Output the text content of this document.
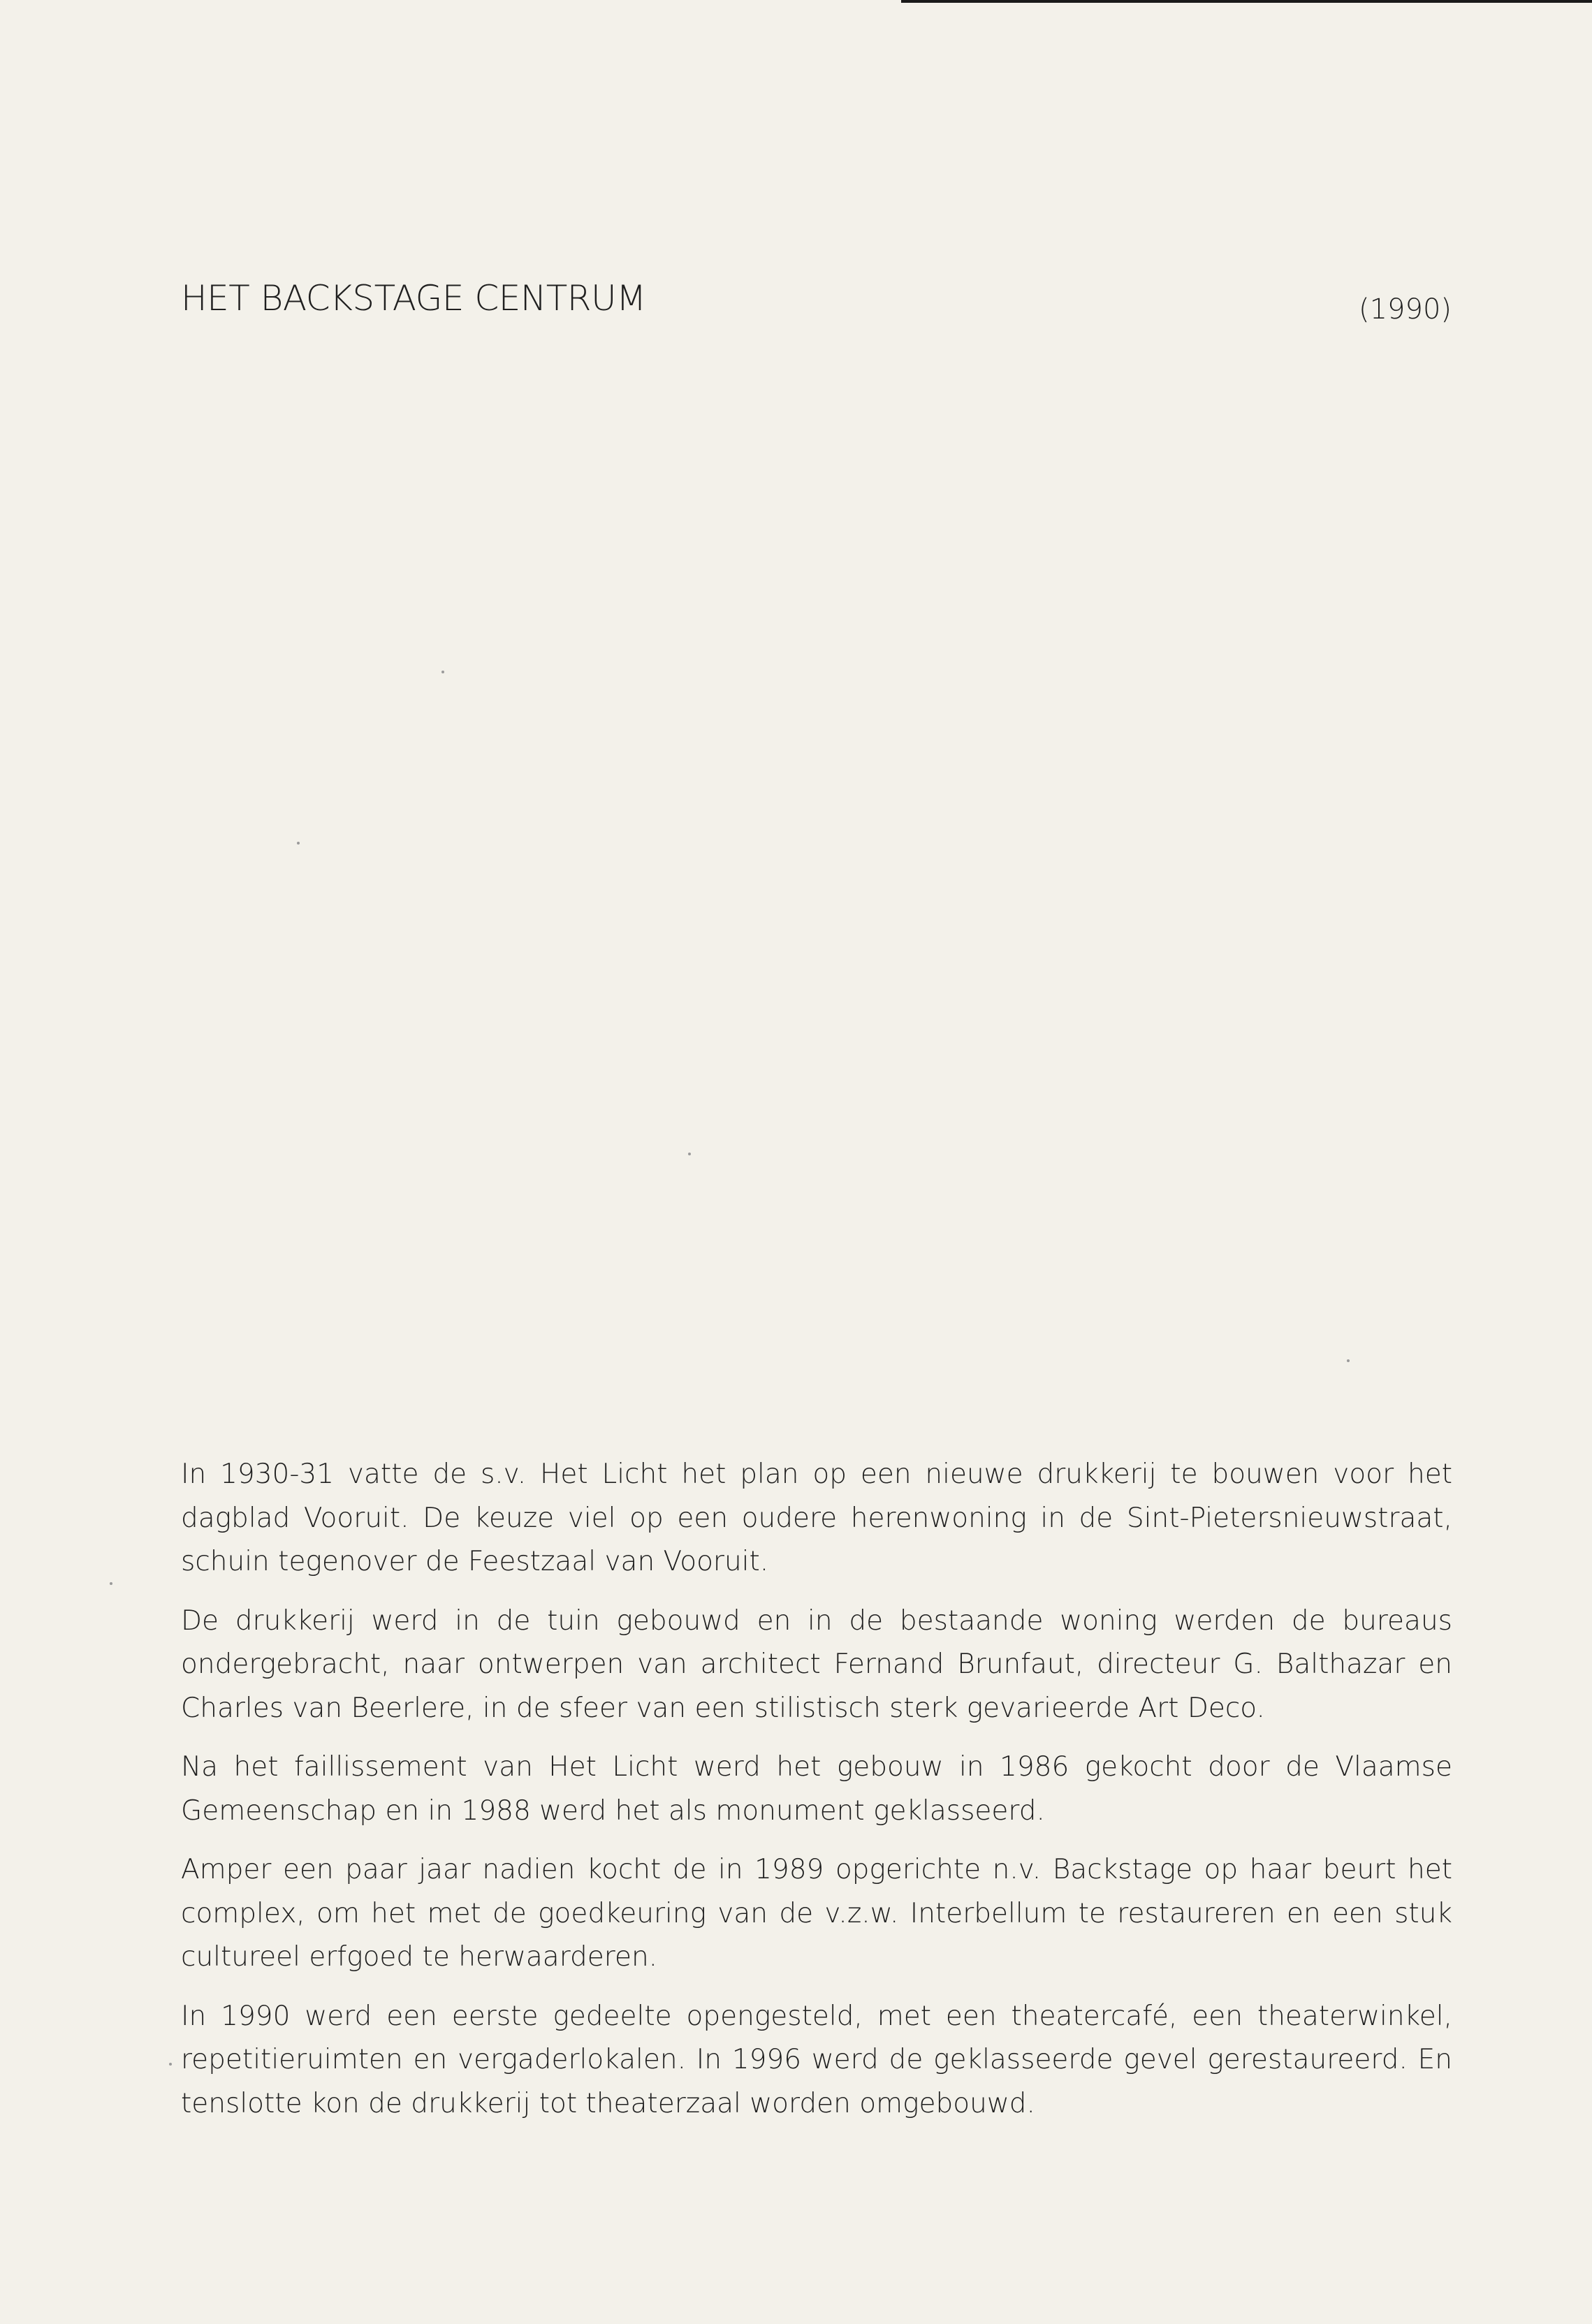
HET BACKSTAGE CENTRUM	(1990)

In 1930-31 vatte de s.v. Het Licht het plan op een nieuwe drukkerij te bouwen voor het dagblad Vooruit. De keuze viel op een oudere herenwoning in de Sint-Pietersnieuwstraat, schuin tegenover de Feestzaal van Vooruit.

De drukkerij werd in de tuin gebouwd en in de bestaande woning werden de bureaus ondergebracht, naar ontwerpen van architect Fernand Brunfaut, directeur G. Balthazar en Charles van Beerlere, in de sfeer van een stilistisch sterk gevarieerde Art Deco.

Na het faillissement van Het Licht werd het gebouw in 1986 gekocht door de Vlaamse Gemeenschap en in 1988 werd het als monument geklasseerd.

Amper een paar jaar nadien kocht de in 1989 opgerichte n.v. Backstage op haar beurt het complex, om het met de goedkeuring van de v.z.w. Interbellum te restaureren en een stuk cultureel erfgoed te herwaarderen.

In 1990 werd een eerste gedeelte opengesteld, met een theatercafé, een theaterwinkel, repetitieruimten en vergaderlokalen. In 1996 werd de geklasseerde gevel gerestaureerd. En tenslotte kon de drukkerij tot theaterzaal worden omgebouwd.
